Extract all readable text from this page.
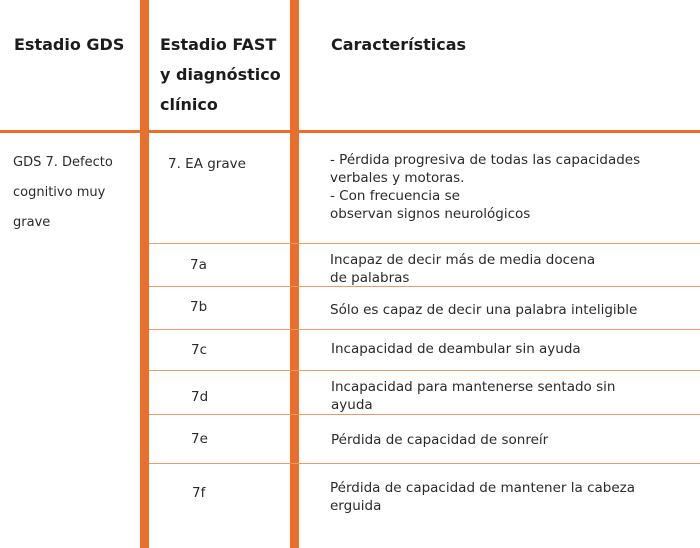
Estadio GDS	Estadio FAST y diagnóstico clínico
Características
GDS 7. Defecto cognitivo muy grave
7. EA grave
7a
7b
7c
7d
7e
7f
- Pérdida progresiva de todas las capacidades
verbales y motoras.
- Con frecuencia se
observan signos neurológicos
Incapaz de decir más de media docena
de palabras
Sólo es capaz de decir una palabra inteligible
Incapacidad de deambular sin ayuda
Incapacidad para mantenerse sentado sin
ayuda
Pérdida de capacidad de sonreír
Pérdida de capacidad de mantener la cabeza
erguida
